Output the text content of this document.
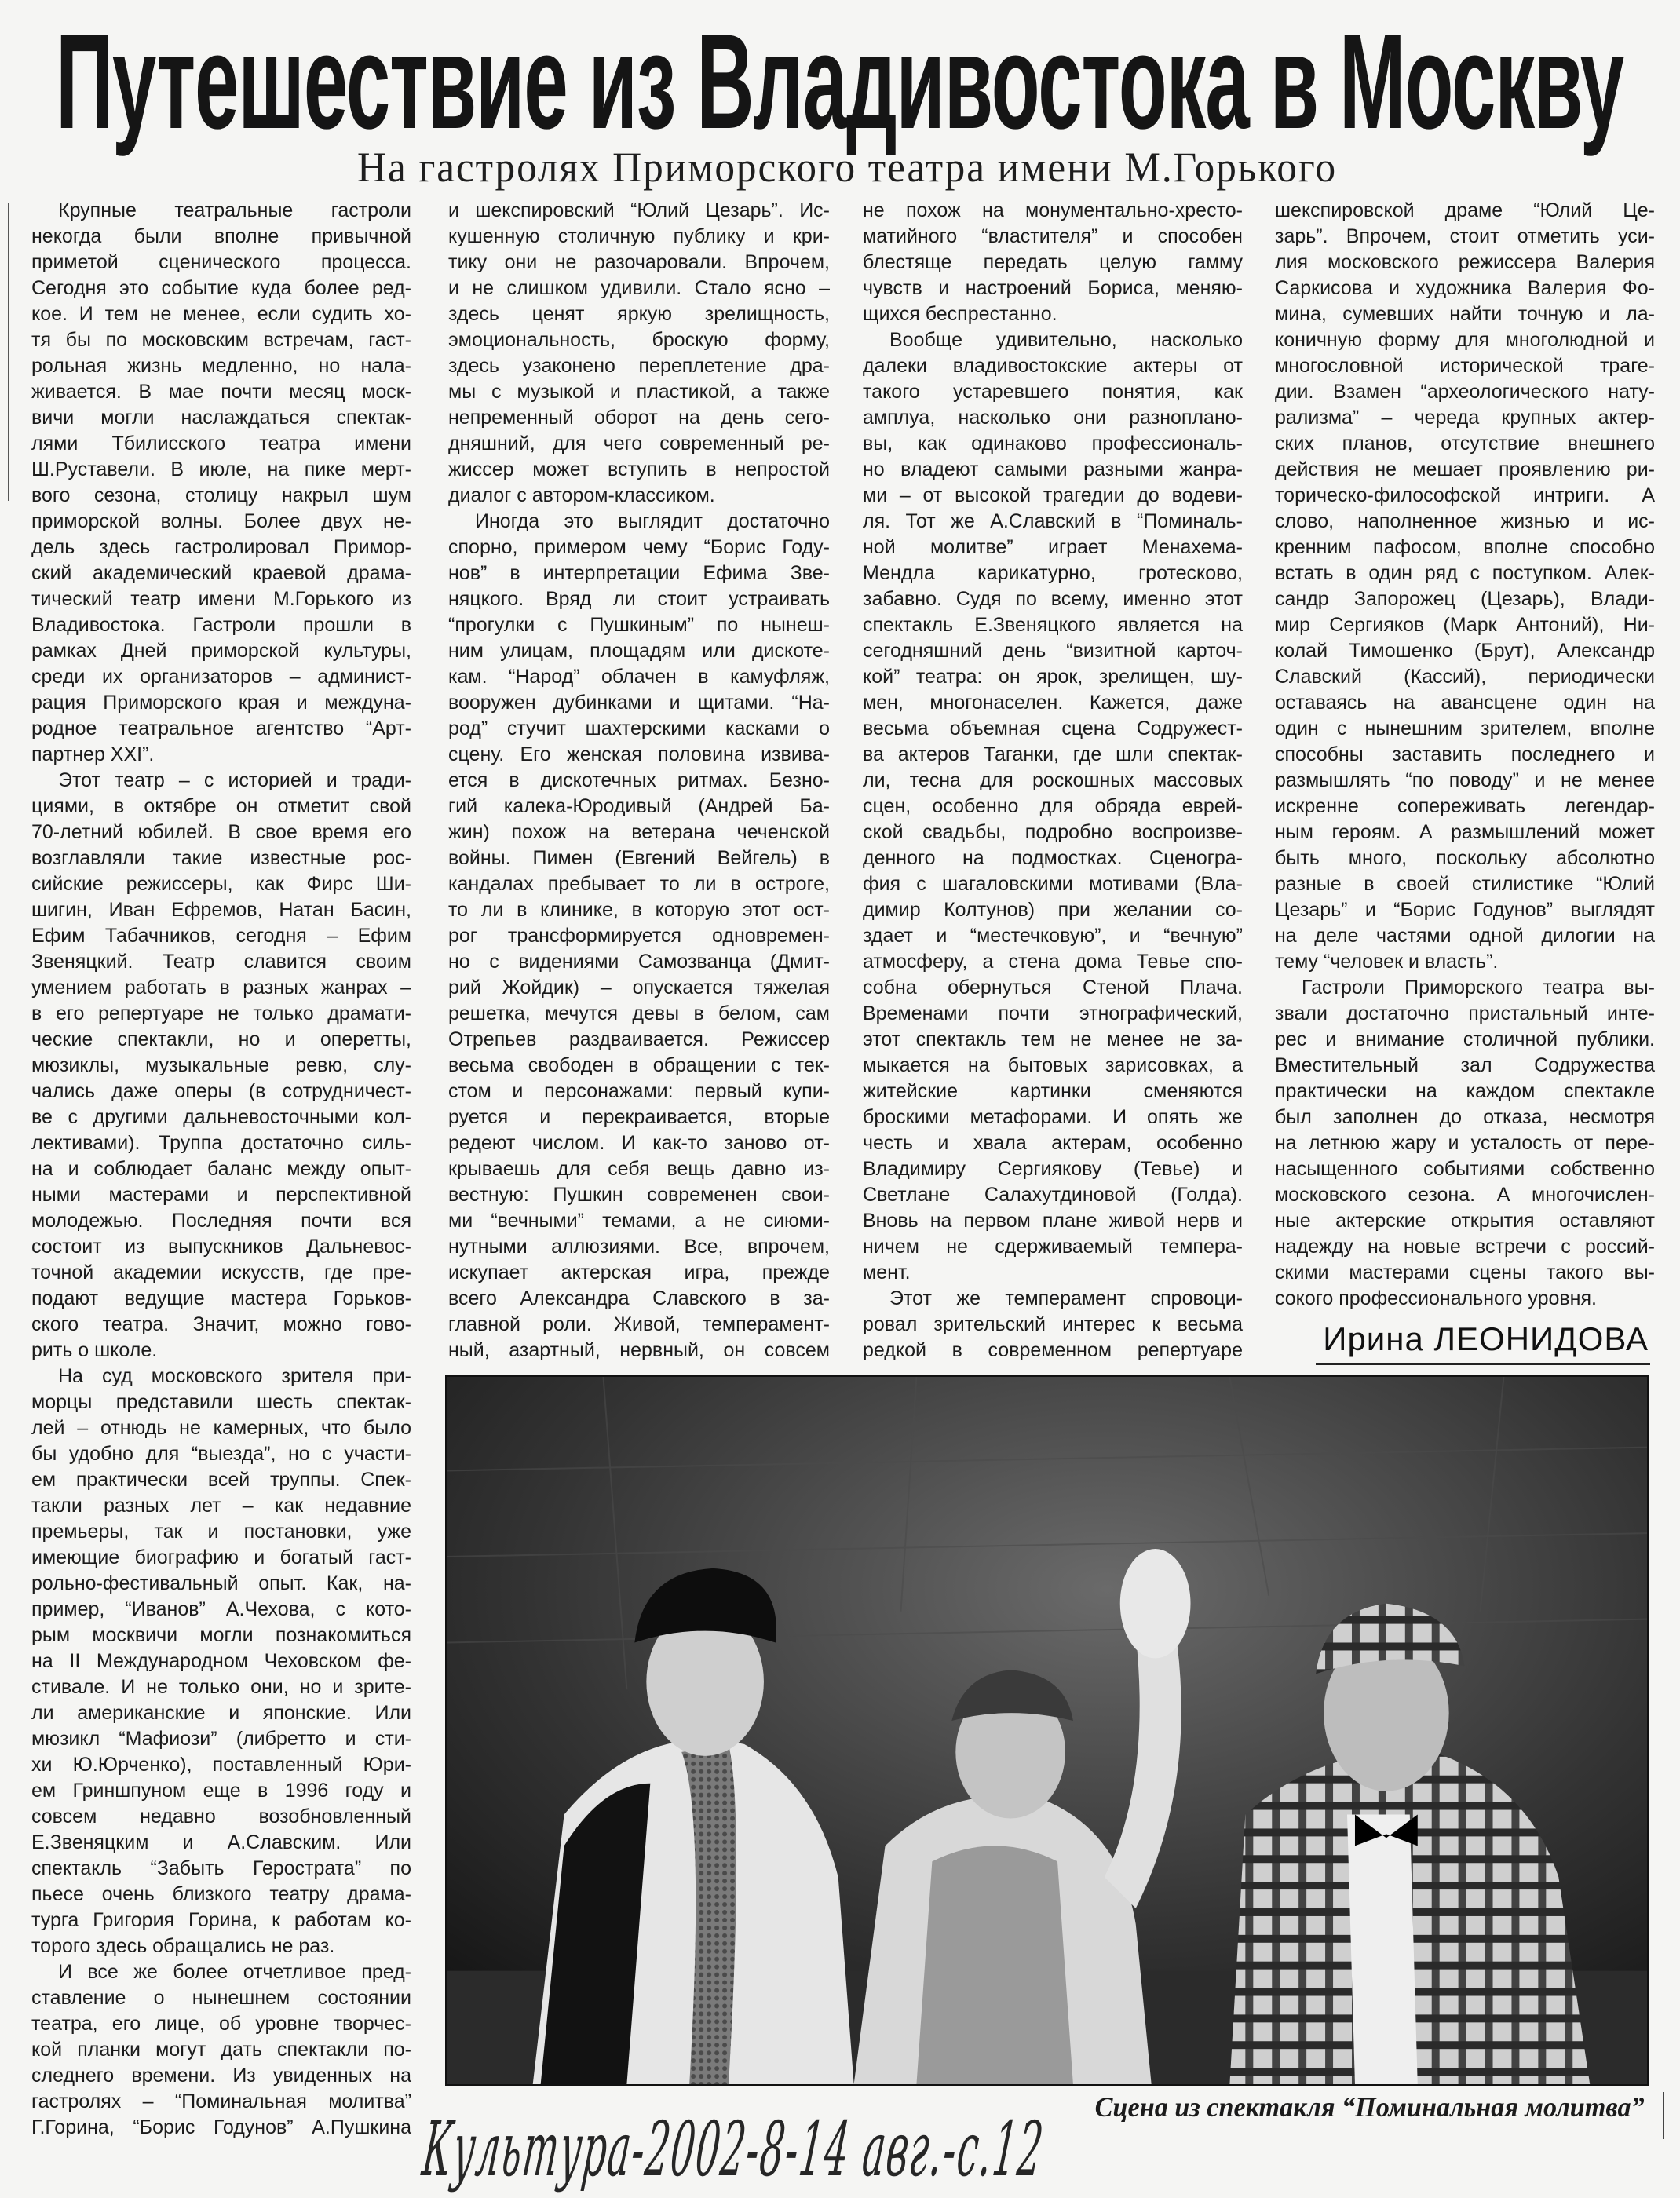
Путешествие из Владивостока в Москву
На гастролях Приморского театра имени М.Горького
Крупные театральные гастроли
некогда были вполне привычной
приметой сценического процесса.
Сегодня это событие куда более ред-
кое. И тем не менее, если судить хо-
тя бы по московским встречам, гаст-
рольная жизнь медленно, но нала-
живается. В мае почти месяц моск-
вичи могли наслаждаться спектак-
лями Тбилисского театра имени
Ш.Руставели. В июле, на пике мерт-
вого сезона, столицу накрыл шум
приморской волны. Более двух не-
дель здесь гастролировал Примор-
ский академический краевой драма-
тический театр имени М.Горького из
Владивостока. Гастроли прошли в
рамках Дней приморской культуры,
среди их организаторов – админист-
рация Приморского края и междуна-
родное театральное агентство “Арт-
партнер XXI”.
Этот театр – с историей и тради-
циями, в октябре он отметит свой
70-летний юбилей. В свое время его
возглавляли такие известные рос-
сийские режиссеры, как Фирс Ши-
шигин, Иван Ефремов, Натан Басин,
Ефим Табачников, сегодня – Ефим
Звеняцкий. Театр славится своим
умением работать в разных жанрах –
в его репертуаре не только драмати-
ческие спектакли, но и оперетты,
мюзиклы, музыкальные ревю, слу-
чались даже оперы (в сотрудничест-
ве с другими дальневосточными кол-
лективами). Труппа достаточно силь-
на и соблюдает баланс между опыт-
ными мастерами и перспективной
молодежью. Последняя почти вся
состоит из выпускников Дальневос-
точной академии искусств, где пре-
подают ведущие мастера Горьков-
ского театра. Значит, можно гово-
рить о школе.
На суд московского зрителя при-
морцы представили шесть спектак-
лей – отнюдь не камерных, что было
бы удобно для “выезда”, но с участи-
ем практически всей труппы. Спек-
такли разных лет – как недавние
премьеры, так и постановки, уже
имеющие биографию и богатый гаст-
рольно-фестивальный опыт. Как, на-
пример, “Иванов” А.Чехова, с кото-
рым москвичи могли познакомиться
на II Международном Чеховском фе-
стивале. И не только они, но и зрите-
ли американские и японские. Или
мюзикл “Мафиози” (либретто и сти-
хи Ю.Юрченко), поставленный Юри-
ем Гриншпуном еще в 1996 году и
совсем недавно возобновленный
Е.Звеняцким и А.Славским. Или
спектакль “Забыть Герострата” по
пьесе очень близкого театру драма-
турга Григория Горина, к работам ко-
торого здесь обращались не раз.
И все же более отчетливое пред-
ставление о нынешнем состоянии
театра, его лице, об уровне творчес-
кой планки могут дать спектакли по-
следнего времени. Из увиденных на
гастролях – “Поминальная молитва”
Г.Горина, “Борис Годунов” А.Пушкина
и шекспировский “Юлий Цезарь”. Ис-
кушенную столичную публику и кри-
тику они не разочаровали. Впрочем,
и не слишком удивили. Стало ясно –
здесь ценят яркую зрелищность,
эмоциональность, броскую форму,
здесь узаконено переплетение дра-
мы с музыкой и пластикой, а также
непременный оборот на день сего-
дняшний, для чего современный ре-
жиссер может вступить в непростой
диалог с автором-классиком.
Иногда это выглядит достаточно
спорно, примером чему “Борис Году-
нов” в интерпретации Ефима Зве-
няцкого. Вряд ли стоит устраивать
“прогулки с Пушкиным” по нынеш-
ним улицам, площадям или дискоте-
кам. “Народ” облачен в камуфляж,
вооружен дубинками и щитами. “На-
род” стучит шахтерскими касками о
сцену. Его женская половина извива-
ется в дискотечных ритмах. Безно-
гий калека-Юродивый (Андрей Ба-
жин) похож на ветерана чеченской
войны. Пимен (Евгений Вейгель) в
кандалах пребывает то ли в остроге,
то ли в клинике, в которую этот ост-
рог трансформируется одновремен-
но с видениями Самозванца (Дмит-
рий Жойдик) – опускается тяжелая
решетка, мечутся девы в белом, сам
Отрепьев раздваивается. Режиссер
весьма свободен в обращении с тек-
стом и персонажами: первый купи-
руется и перекраивается, вторые
редеют числом. И как-то заново от-
крываешь для себя вещь давно из-
вестную: Пушкин современен свои-
ми “вечными” темами, а не сиюми-
нутными аллюзиями. Все, впрочем,
искупает актерская игра, прежде
всего Александра Славского в за-
главной роли. Живой, темперамент-
ный, азартный, нервный, он совсем
не похож на монументально-хресто-
матийного “властителя” и способен
блестяще передать целую гамму
чувств и настроений Бориса, меняю-
щихся беспрестанно.
Вообще удивительно, насколько
далеки владивостокские актеры от
такого устаревшего понятия, как
амплуа, насколько они разноплано-
вы, как одинаково профессиональ-
но владеют самыми разными жанра-
ми – от высокой трагедии до водеви-
ля. Тот же А.Славский в “Поминаль-
ной молитве” играет Менахема-
Мендла карикатурно, гротесково,
забавно. Судя по всему, именно этот
спектакль Е.Звеняцкого является на
сегодняшний день “визитной карточ-
кой” театра: он ярок, зрелищен, шу-
мен, многонаселен. Кажется, даже
весьма объемная сцена Содружест-
ва актеров Таганки, где шли спектак-
ли, тесна для роскошных массовых
сцен, особенно для обряда еврей-
ской свадьбы, подробно воспроизве-
денного на подмостках. Сценогра-
фия с шагаловскими мотивами (Вла-
димир Колтунов) при желании со-
здает и “местечковую”, и “вечную”
атмосферу, а стена дома Тевье спо-
собна обернуться Стеной Плача.
Временами почти этнографический,
этот спектакль тем не менее не за-
мыкается на бытовых зарисовках, а
житейские картинки сменяются
броскими метафорами. И опять же
честь и хвала актерам, особенно
Владимиру Сергиякову (Тевье) и
Светлане Салахутдиновой (Голда).
Вновь на первом плане живой нерв и
ничем не сдерживаемый темпера-
мент.
Этот же темперамент спровоци-
ровал зрительский интерес к весьма
редкой в современном репертуаре
шекспировской драме “Юлий Це-
зарь”. Впрочем, стоит отметить уси-
лия московского режиссера Валерия
Саркисова и художника Валерия Фо-
мина, сумевших найти точную и ла-
коничную форму для многолюдной и
многословной исторической траге-
дии. Взамен “археологического нату-
рализма” – череда крупных актер-
ских планов, отсутствие внешнего
действия не мешает проявлению ри-
торическо-философской интриги. А
слово, наполненное жизнью и ис-
кренним пафосом, вполне способно
встать в один ряд с поступком. Алек-
сандр Запорожец (Цезарь), Влади-
мир Сергияков (Марк Антоний), Ни-
колай Тимошенко (Брут), Александр
Славский (Кассий), периодически
оставаясь на авансцене один на
один с нынешним зрителем, вполне
способны заставить последнего и
размышлять “по поводу” и не менее
искренне сопереживать легендар-
ным героям. А размышлений может
быть много, поскольку абсолютно
разные в своей стилистике “Юлий
Цезарь” и “Борис Годунов” выглядят
на деле частями одной дилогии на
тему “человек и власть”.
Гастроли Приморского театра вы-
звали достаточно пристальный инте-
рес и внимание столичной публики.
Вместительный зал Содружества
практически на каждом спектакле
был заполнен до отказа, несмотря
на летнюю жару и усталость от пере-
насыщенного событиями собственно
московского сезона. А многочислен-
ные актерские открытия оставляют
надежду на новые встречи с россий-
скими мастерами сцены такого вы-
сокого профессионального уровня.
Ирина ЛЕОНИДОВА
Сцена из спектакля “Поминальная молитва”
Культура-2002-8-14 авг.-с.12
